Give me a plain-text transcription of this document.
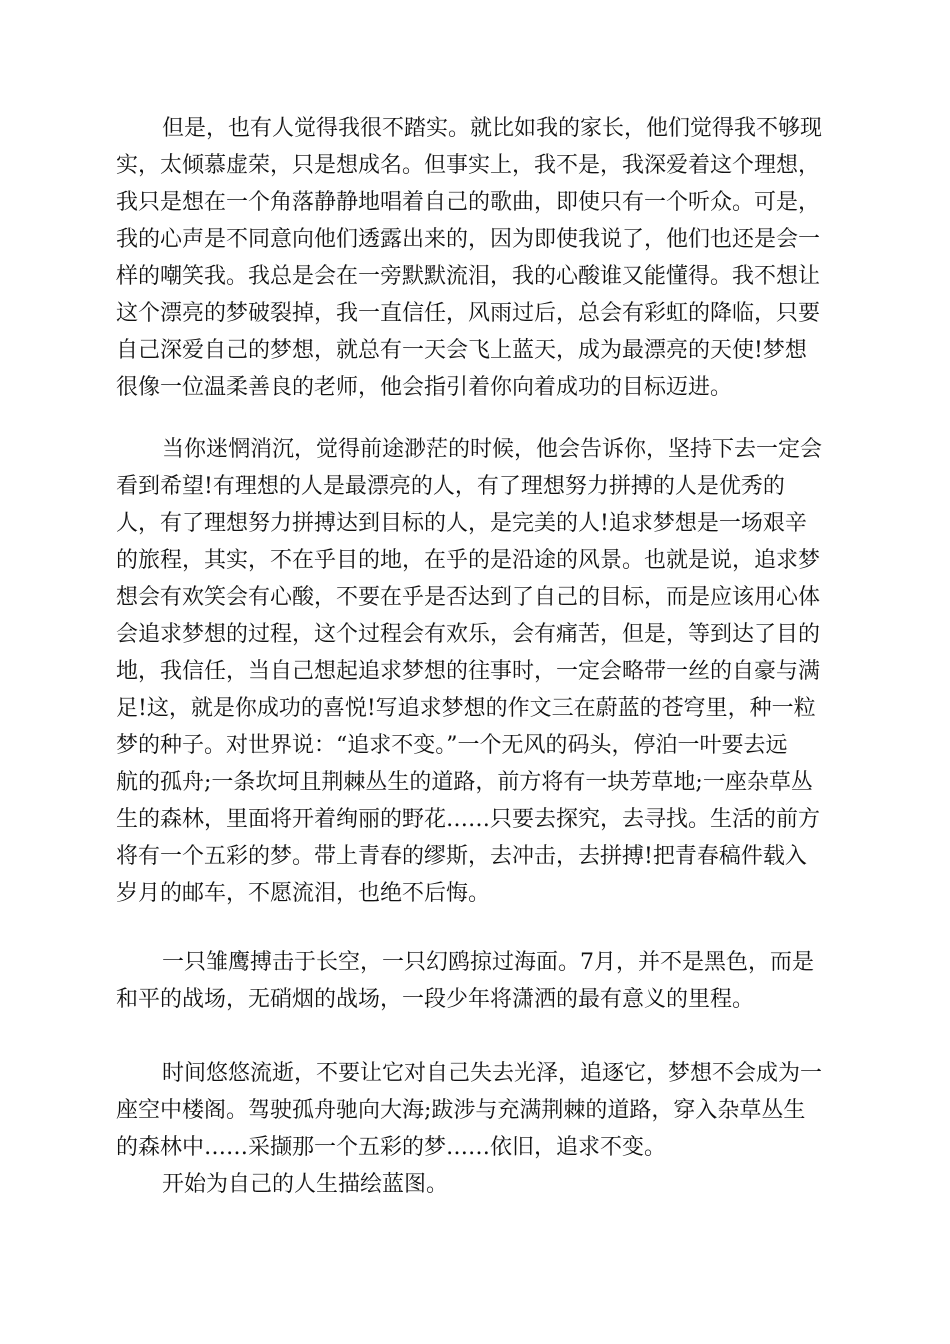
但是，也有人觉得我很不踏实。就比如我的家长，他们觉得我不够现
实，太倾慕虚荣，只是想成名。但事实上，我不是，我深爱着这个理想，
我只是想在一个角落静静地唱着自己的歌曲，即使只有一个听众。可是，
我的心声是不同意向他们透露出来的，因为即使我说了，他们也还是会一
样的嘲笑我。我总是会在一旁默默流泪，我的心酸谁又能懂得。我不想让
这个漂亮的梦破裂掉，我一直信任，风雨过后，总会有彩虹的降临，只要
自己深爱自己的梦想，就总有一天会飞上蓝天，成为最漂亮的天使!梦想
很像一位温柔善良的老师，他会指引着你向着成功的目标迈进。
当你迷惘消沉，觉得前途渺茫的时候，他会告诉你，坚持下去一定会
看到希望!有理想的人是最漂亮的人，有了理想努力拼搏的人是优秀的
人，有了理想努力拼搏达到目标的人，是完美的人!追求梦想是一场艰辛
的旅程，其实，不在乎目的地，在乎的是沿途的风景。也就是说，追求梦
想会有欢笑会有心酸，不要在乎是否达到了自己的目标，而是应该用心体
会追求梦想的过程，这个过程会有欢乐，会有痛苦，但是，等到达了目的
地，我信任，当自己想起追求梦想的往事时，一定会略带一丝的自豪与满
足!这，就是你成功的喜悦!写追求梦想的作文三在蔚蓝的苍穹里，种一粒
梦的种子。对世界说：“追求不变。”一个无风的码头，停泊一叶要去远
航的孤舟;一条坎坷且荆棘丛生的道路，前方将有一块芳草地;一座杂草丛
生的森林，里面将开着绚丽的野花……只要去探究，去寻找。生活的前方
将有一个五彩的梦。带上青春的缪斯，去冲击，去拼搏!把青春稿件载入
岁月的邮车，不愿流泪，也绝不后悔。
一只雏鹰搏击于长空，一只幻鸥掠过海面。7月，并不是黑色，而是
和平的战场，无硝烟的战场，一段少年将潇洒的最有意义的里程。
时间悠悠流逝，不要让它对自己失去光泽，追逐它，梦想不会成为一
座空中楼阁。驾驶孤舟驰向大海;跋涉与充满荆棘的道路，穿入杂草丛生
的森林中……采撷那一个五彩的梦……依旧，追求不变。
开始为自己的人生描绘蓝图。
